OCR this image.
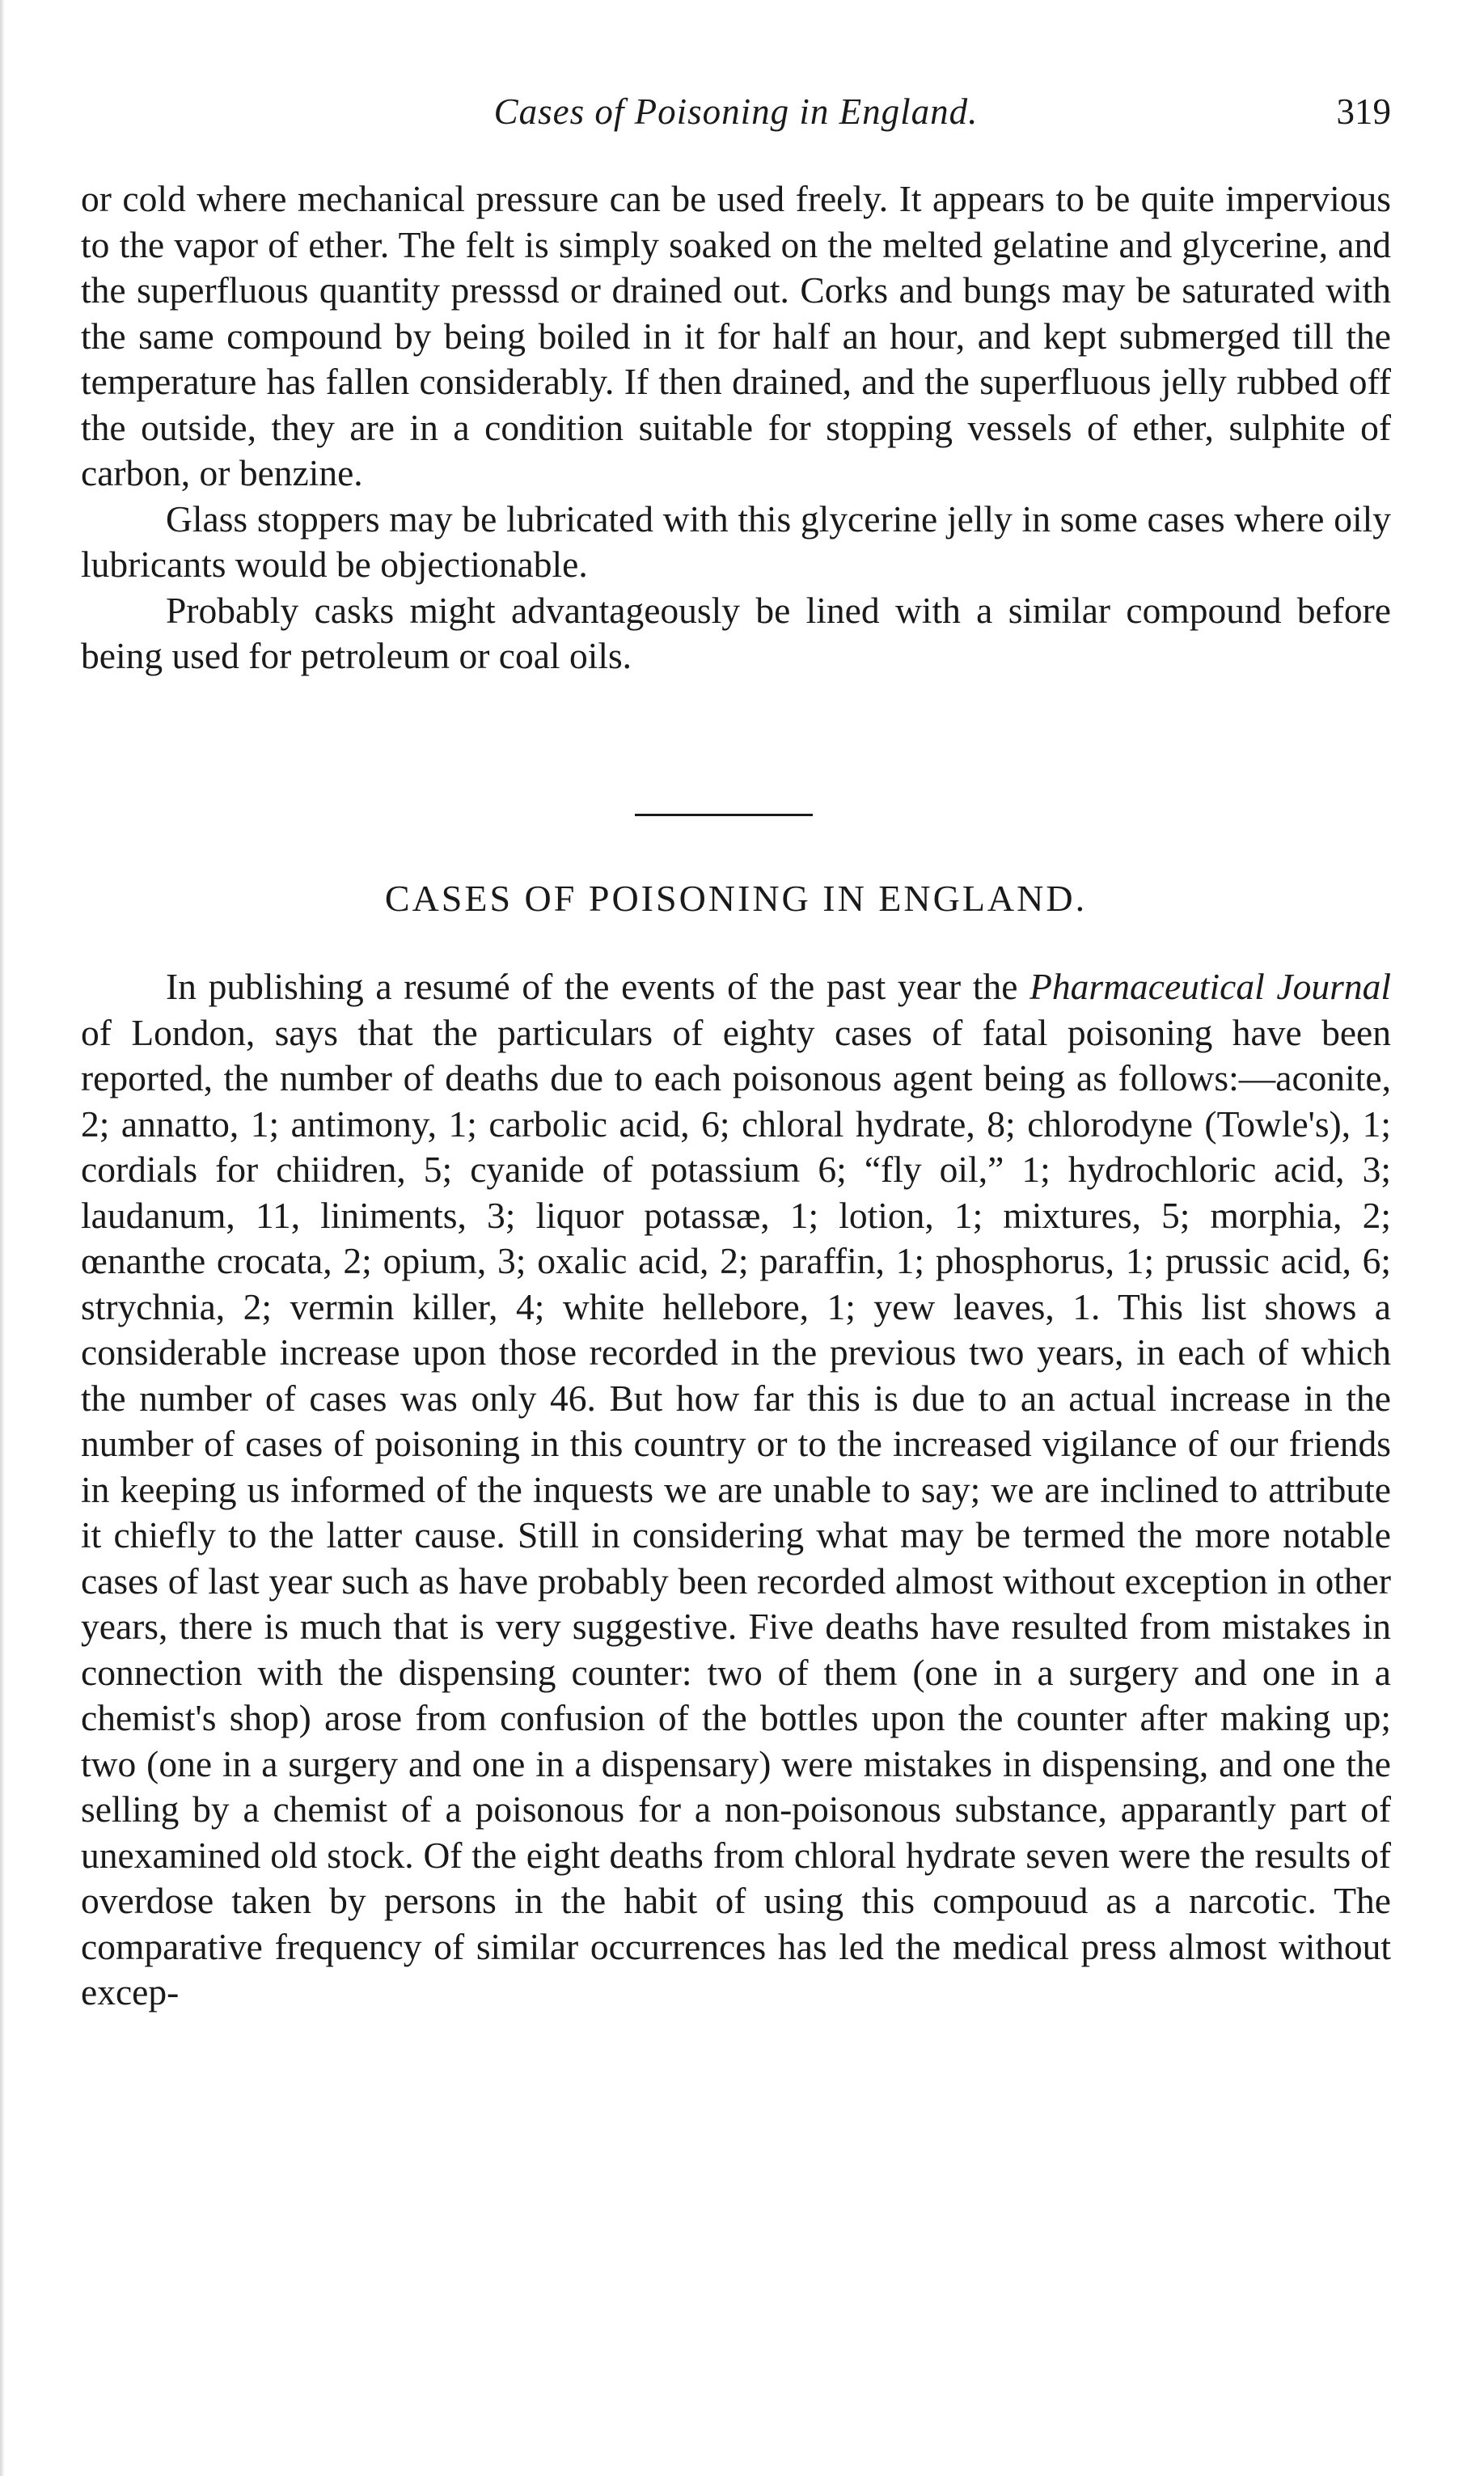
Cases of Poisoning in England.	319

or cold where mechanical pressure can be used freely. It appears to be quite impervious to the vapor of ether. The felt is simply soaked on the melted gelatine and glycerine, and the superfluous quantity presssd or drained out. Corks and bungs may be saturated with the same compound by being boiled in it for half an hour, and kept submerged till the temperature has fallen considerably. If then drained, and the superfluous jelly rubbed off the outside, they are in a condition suitable for stopping vessels of ether, sulphite of carbon, or benzine.

Glass stoppers may be lubricated with this glycerine jelly in some cases where oily lubricants would be objectionable.

Probably casks might advantageously be lined with a similar compound before being used for petroleum or coal oils.

CASES OF POISONING IN ENGLAND.

In publishing a resumé of the events of the past year the Pharmaceutical Journal of London, says that the particulars of eighty cases of fatal poisoning have been reported, the number of deaths due to each poisonous agent being as follows:—aconite, 2; annatto, 1; antimony, 1; carbolic acid, 6; chloral hydrate, 8; chlorodyne (Towle's), 1; cordials for chiidren, 5; cyanide of potassium 6; “fly oil,” 1; hydrochloric acid, 3; laudanum, 11, liniments, 3; liquor potassæ, 1; lotion, 1; mixtures, 5; morphia, 2; œnanthe crocata, 2; opium, 3; oxalic acid, 2; paraffin, 1; phosphorus, 1; prussic acid, 6; strychnia, 2; vermin killer, 4; white hellebore, 1; yew leaves, 1. This list shows a considerable increase upon those recorded in the previous two years, in each of which the number of cases was only 46. But how far this is due to an actual increase in the number of cases of poisoning in this country or to the increased vigilance of our friends in keeping us informed of the inquests we are unable to say; we are inclined to attribute it chiefly to the latter cause. Still in considering what may be termed the more notable cases of last year such as have probably been recorded almost without exception in other years, there is much that is very suggestive. Five deaths have resulted from mistakes in connection with the dispensing counter: two of them (one in a surgery and one in a chemist's shop) arose from confusion of the bottles upon the counter after making up; two (one in a surgery and one in a dispensary) were mistakes in dispensing, and one the selling by a chemist of a poisonous for a non-poisonous substance, apparantly part of unexamined old stock. Of the eight deaths from chloral hydrate seven were the results of overdose taken by persons in the habit of using this compouud as a narcotic. The comparative frequency of similar occurrences has led the medical press almost without excep-
